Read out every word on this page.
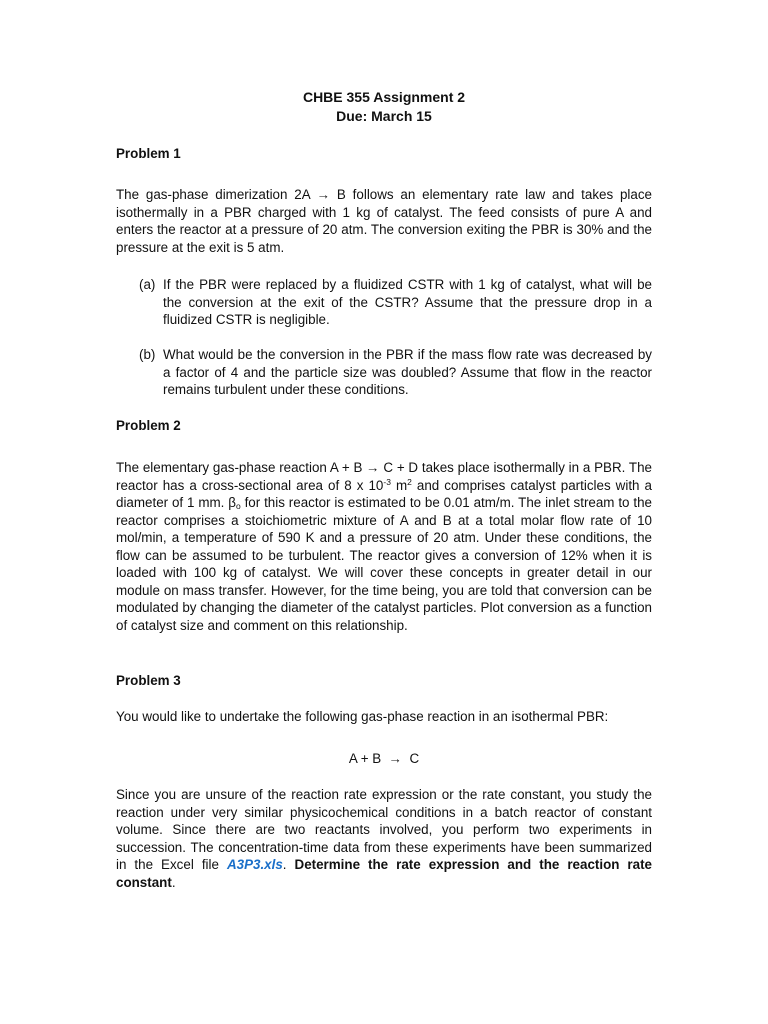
CHBE 355 Assignment 2
Due: March 15
Problem 1
The gas-phase dimerization 2A → B follows an elementary rate law and takes place isothermally in a PBR charged with 1 kg of catalyst. The feed consists of pure A and enters the reactor at a pressure of 20 atm. The conversion exiting the PBR is 30% and the pressure at the exit is 5 atm.
(a) If the PBR were replaced by a fluidized CSTR with 1 kg of catalyst, what will be the conversion at the exit of the CSTR? Assume that the pressure drop in a fluidized CSTR is negligible.
(b) What would be the conversion in the PBR if the mass flow rate was decreased by a factor of 4 and the particle size was doubled? Assume that flow in the reactor remains turbulent under these conditions.
Problem 2
The elementary gas-phase reaction A + B → C + D takes place isothermally in a PBR. The reactor has a cross-sectional area of 8 x $10^{-3}$ $m^2$ and comprises catalyst particles with a diameter of 1 mm. $\beta_o$ for this reactor is estimated to be 0.01 atm/m. The inlet stream to the reactor comprises a stoichiometric mixture of A and B at a total molar flow rate of 10 mol/min, a temperature of 590 K and a pressure of 20 atm. Under these conditions, the flow can be assumed to be turbulent. The reactor gives a conversion of 12% when it is loaded with 100 kg of catalyst. We will cover these concepts in greater detail in our module on mass transfer. However, for the time being, you are told that conversion can be modulated by changing the diameter of the catalyst particles. Plot conversion as a function of catalyst size and comment on this relationship.
Problem 3
You would like to undertake the following gas-phase reaction in an isothermal PBR:
A + B  →  C
Since you are unsure of the reaction rate expression or the rate constant, you study the reaction under very similar physicochemical conditions in a batch reactor of constant volume. Since there are two reactants involved, you perform two experiments in succession. The concentration-time data from these experiments have been summarized in the Excel file A3P3.xls. Determine the rate expression and the reaction rate constant.
